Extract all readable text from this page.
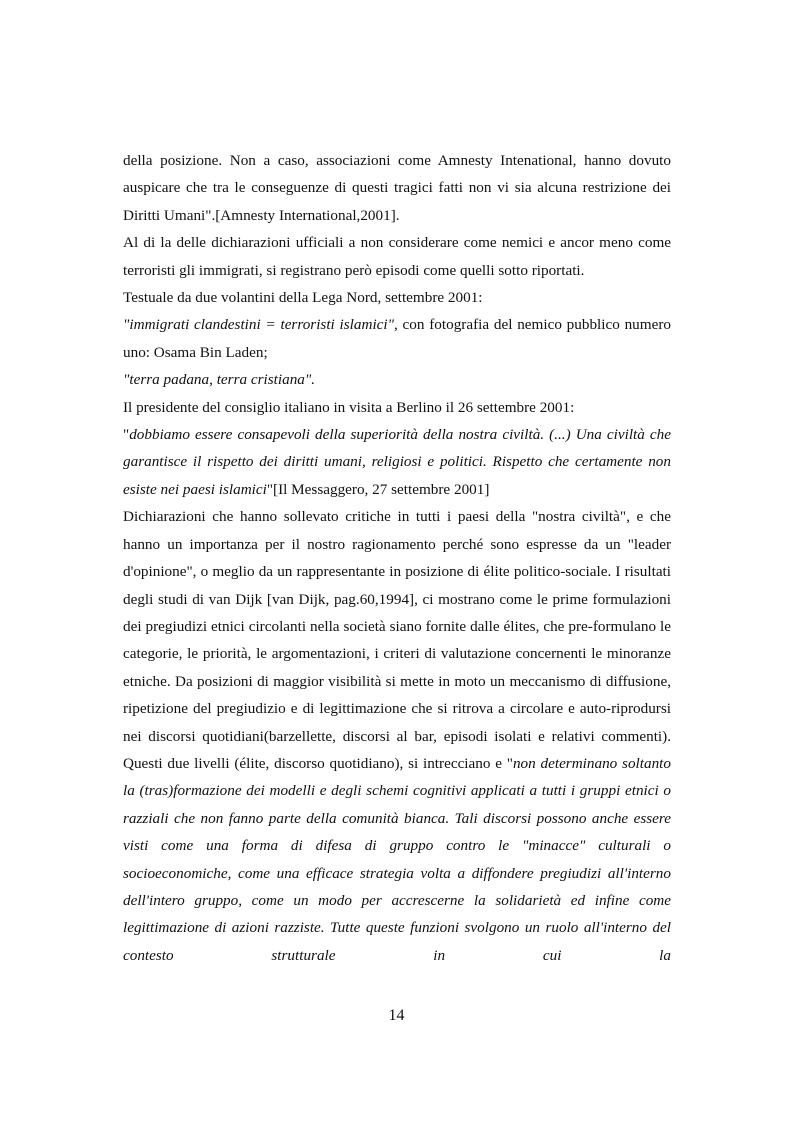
della posizione. Non a caso, associazioni come Amnesty Intenational, hanno dovuto auspicare che tra le conseguenze di questi tragici fatti non vi sia alcuna restrizione dei Diritti Umani".[Amnesty International,2001].

Al di la delle dichiarazioni ufficiali a non considerare come nemici e ancor meno come terroristi gli immigrati, si registrano però episodi come quelli sotto riportati.

Testuale da due volantini della Lega Nord, settembre 2001:

"immigrati clandestini = terroristi islamici", con fotografia del nemico pubblico numero uno: Osama Bin Laden;

"terra padana, terra cristiana".

Il presidente del consiglio italiano in visita a Berlino il 26 settembre 2001:

"dobbiamo essere consapevoli della superiorità della nostra civiltà. (...) Una civiltà che garantisce il rispetto dei diritti umani, religiosi e politici. Rispetto che certamente non esiste nei paesi islamici"[Il Messaggero, 27 settembre 2001]

Dichiarazioni che hanno sollevato critiche in tutti i paesi della "nostra civiltà", e che hanno un importanza per il nostro ragionamento perché sono espresse da un "leader d'opinione", o meglio da un rappresentante in posizione di élite politico-sociale. I risultati degli studi di van Dijk [van Dijk, pag.60,1994], ci mostrano come le prime formulazioni dei pregiudizi etnici circolanti nella società siano fornite dalle élites, che pre-formulano le categorie, le priorità, le argomentazioni, i criteri di valutazione concernenti le minoranze etniche. Da posizioni di maggior visibilità si mette in moto un meccanismo di diffusione, ripetizione del pregiudizio e di legittimazione che si ritrova a circolare e auto-riprodursi nei discorsi quotidiani(barzellette, discorsi al bar, episodi isolati e relativi commenti). Questi due livelli (élite, discorso quotidiano), si intrecciano e "non determinano soltanto la (tras)formazione dei modelli e degli schemi cognitivi applicati a tutti i gruppi etnici o razziali che non fanno parte della comunità bianca. Tali discorsi possono anche essere visti come una forma di difesa di gruppo contro le "minacce" culturali o socioeconomiche, come una efficace strategia volta a diffondere pregiudizi all'interno dell'intero gruppo, come un modo per accrescerne la solidarietà ed infine come legittimazione di azioni razziste. Tutte queste funzioni svolgono un ruolo all'interno del contesto strutturale in cui la

14
